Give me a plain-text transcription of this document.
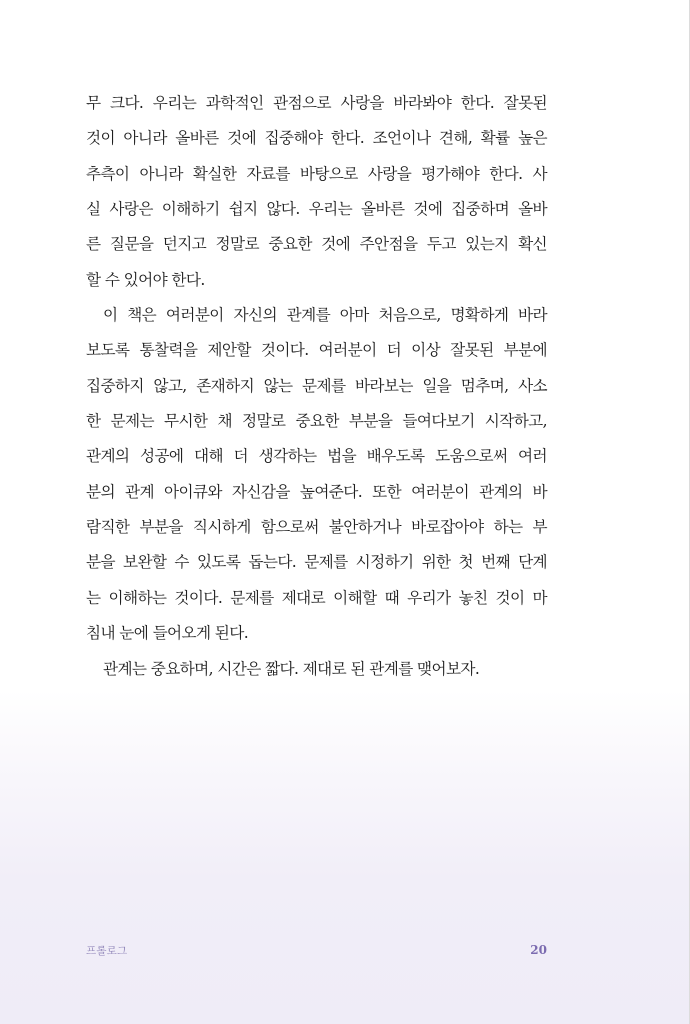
무 크다. 우리는 과학적인 관점으로 사랑을 바라봐야 한다. 잘못된
것이 아니라 올바른 것에 집중해야 한다. 조언이나 견해, 확률 높은
추측이 아니라 확실한 자료를 바탕으로 사랑을 평가해야 한다. 사
실 사랑은 이해하기 쉽지 않다. 우리는 올바른 것에 집중하며 올바
른 질문을 던지고 정말로 중요한 것에 주안점을 두고 있는지 확신
할 수 있어야 한다.

이 책은 여러분이 자신의 관계를 아마 처음으로, 명확하게 바라
보도록 통찰력을 제안할 것이다. 여러분이 더 이상 잘못된 부분에
집중하지 않고, 존재하지 않는 문제를 바라보는 일을 멈추며, 사소
한 문제는 무시한 채 정말로 중요한 부분을 들여다보기 시작하고,
관계의 성공에 대해 더 생각하는 법을 배우도록 도움으로써 여러
분의 관계 아이큐와 자신감을 높여준다. 또한 여러분이 관계의 바
람직한 부분을 직시하게 함으로써 불안하거나 바로잡아야 하는 부
분을 보완할 수 있도록 돕는다. 문제를 시정하기 위한 첫 번째 단계
는 이해하는 것이다. 문제를 제대로 이해할 때 우리가 놓친 것이 마
침내 눈에 들어오게 된다.

관계는 중요하며, 시간은 짧다. 제대로 된 관계를 맺어보자.

프롤로그	20
